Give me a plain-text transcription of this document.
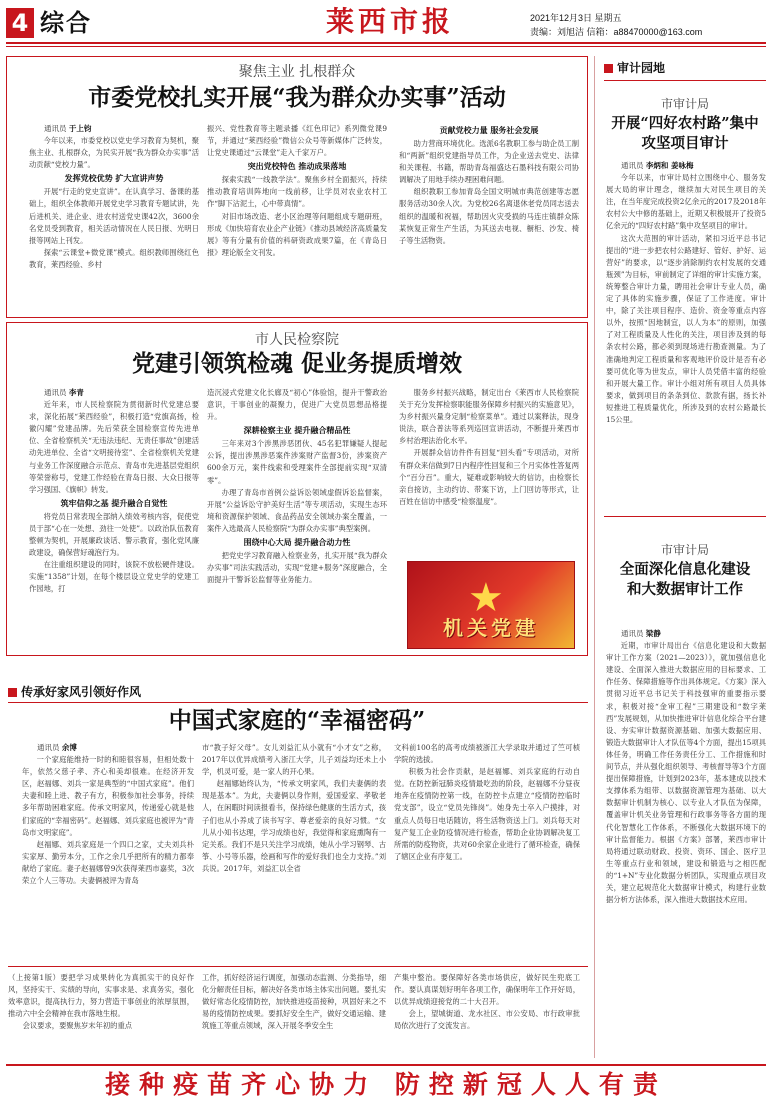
4 综合	莱西市报	2021年12月3日 星期五
责编：刘旭洁 信箱：a88470000@163.com
聚焦主业 扎根群众
市委党校扎实开展“我为群众办实事”活动
通讯员 于上钧

今年以来，市委党校以党史学习教育为契机，聚焦主业、扎根群众，为民实开展“我为群众办实事”活动贡献“党校力量”。

发挥党校优势 扩大宣讲声势

开展“行走的党史宣讲”。在认真学习、备课的基础上，组织全体教师开展党史学习教育专题试讲，先后进机关、进企业、进农村送党史课42次，3600余名党员受到教育，相关活动情况在人民日报、光明日报等网站上刊发。

探索“云课堂+微党课”模式。组织教师围绕红色教育，莱西经验、乡村

振兴、党性教育等主题录播《红色印记》系列微党课9节，并通过“莱西经验”微信公众号等新媒体广泛转发，让党史课通过“云课堂”走入千家万户。

突出党校特色 推动成果落地

探索实践“一线教学法”。聚焦乡村全面振兴，持续推动教育培训阵地向一线前移，让学员对农业农村工作“脚下沾泥土，心中带真情”。

对旧市场改造、老小区治理等问题组成专题研班，形成《加快培育农业企产业链》《推动县域经济高质量发展》等有分量有价值的科研资政成果7篇，在《青岛日报》理论版全文刊发。

贡献党校力量 服务社会发展

助力营商环境优化。选派6名教职工参与助企员工制和“两新”组织党建指导员工作，为企业送去党史、法律和关课程、书籍，帮助青岛福盛达石墨科技有限公司协调解决了用地手续办理困难问题。

组织教职工参加青岛全国文明城市典范创建等志愿服务活动30余人次。为党校26名离退休老党员同志送去组织的温暖和祝福，帮助因火灾受损的马连庄镇群众陈某恢复正常生产生活，为其送去电视、橱柜、沙发、椅子等生活物资。

市人民检察院
党建引领筑检魂 促业务提质增效
通讯员 李青

近年来，市人民检察院为贯彻新时代党建总要求，深化拓展“莱西经验”，积极打造“党旗高扬，检徽闪耀”党建品牌。先后荣获全国检察宣传先进单位、全省检察机关“无违法违纪、无责任事故”创建活动先进单位、全省“文明接待室”、全省检察机关党建与业务工作深度融合示范点、青岛市先进基层党组织等荣誉称号，党建工作经验在青岛日报、大众日报等学习强国、《旗帜》转发。

筑牢信仰之基 提升融合自觉性

将党员日常表现全部纳入绩效考核内容，促使党员于部“心在一处想、劲往一处使”。以政治队伍教育整顿为契机，开展廉政谈话、警示教育，强化党风廉政建设，确保营好魂泡行为。

在注重组织建设的同时，该院不放松硬件建设。实施“1358”计划，在每个楼层设立党史学的党建工作园地，打

造沉浸式党建文化长廊及“初心”体验馆，提升干警政治意识，干事创业的凝聚力，促进广大党员思想品格提升。

深耕检察主业 提升融合精品性

三年来对3个涉黑涉恶团伙、45名犯罪嫌疑人提起公诉，提出涉黑涉恶案件涉案财产监督3份，涉案资产600余万元，案件线索和受理案件全部提前实现“双清零”。

办理了青岛市首例公益诉讼领域虚假诉讼监督案，开展“公益诉讼守护美好生活”等专项活动，实现生态环境和资源保护领域、食品药品安全领域办案全覆盖，一案件入选最高人民检察院“为群众办实事”典型案例。

围绕中心大局 提升融合动力性

把党史学习教育融入检察业务，扎实开展“我为群众办实事”司法实践活动，实现“党建+服务”深度融合，全面提升干警诉讼监督等业务能力。

服务乡村振兴战略，制定出台《莱西市人民检察院关于充分发挥检察职能服务保障乡村振兴的实施意见》，为乡村振兴量身定制“检察菜单”。通过以案释法，现身说法，联合普法等系列巡回宣讲活动，不断提升莱西市乡村治理法治化水平。

开展群众信访件件有回复“回头看”专项活动，对所有群众来信做到7日内程序性回复和三个月实体性答复两个“百分百”。重大，疑难或影响较大的信访，由检察长亲自接访，主动约访、带案下访，上门回访等形式，让百姓在信访中感受“检察温度”。

★
机关党建
传承好家风引领好作风
中国式家庭的“幸福密码”
通讯员 余博

一个家庭能维持一时的和睦很容易，但相处数十年，依然父慈子孝、齐心和美却很难。在经济开发区，赵福娜、刘兵一家是典型的“中国式家庭”。他们夫妻和睦上进、教子有方，积极参加社会事务，持续多年帮助困难家庭。传承文明家风，传递爱心就是他们家庭的“幸福密码”。赵福娜、刘兵家庭也被评为“青岛市文明家庭”。

赵福娜、刘兵家庭是一个四口之家，丈夫刘兵朴实家厚、勤劳本分，工作之余几乎把所有的精力都奉献给了家庭。妻子赵福娜曾9次获得莱西市嘉奖，3次荣立个人三等功。夫妻俩被评为青岛

市“教子好父母”。女儿刘益汇从小就有“小才女”之称，2017年以优异成绩考入浙江大学，儿子刘益均还未上小学，机灵可爱，是一家人的开心果。

赵福娜始终认为，“传承文明家风，我们夫妻俩的表现是基本”。为此，夫妻俩以身作则，爱国爱家、孝敬老人，在闲暇时间读报看书，保持绿色健康的生活方式，孩子们也从小养成了读书写字、尊老爱亲的良好习惯。“女儿从小知书达理，学习成绩也好，我觉得和家庭熏陶有一定关系。我们不是只关注学习成绩，她从小学习钢琴、古筝、小号等乐器，绘画和写作的爱好我们也全力支持。”刘兵说。2017年，刘益汇以全省

文科前100名的高考成绩被浙江大学录取并通过了竺可桢学院的选拔。

积极为社会作贡献，是赵福娜、刘兵家庭的行动自觉。在防控新冠肺炎疫情最吃劲的阶段，赵福娜不分昼夜地奔在疫情防控第一线，在防控卡点建立“疫情防控临时党支部”，设立“党员先锋岗”。她身先士卒入户摸排，对重点人员每日电话随访，将生活物资送上门。刘兵每天对复产复工企业防疫情况进行检查，帮助企业协调解决复工所需的防疫物资，共对60余家企业进行了循环检查，确保了辖区企业有序复工。

（上接第1版）要把学习成果转化为真抓实干的良好作风，坚持实干、实绩的导向，实事求是、求真务实，强化效率意识，提高执行力，努力营造干事创业的浓厚氛围，推动六中全会精神在我市落地生根。

会议要求，要聚焦岁末年初的重点

工作，抓好经济运行调度，加强动态监测、分类指导，细化分解责任目标，解决好各类市场主体实出问题。要扎实做好常态化疫情防控，加快推进疫苗接种，巩固好来之不易的疫情防控成果。要抓好安全生产，做好交通运输、建筑施工等重点领域，深入开展冬季安全生

产集中整治。要保障好各类市场供应，做好民生兜底工作。要认真谋划好明年各项工作，确保明年工作开好局，以优异成绩迎接党的二十大召开。

会上，望城街道、龙水社区、市公安局、市行政审批局依次进行了交流发言。

审计园地
市审计局
开展“四好农村路”集中攻坚项目审计
通讯员 李炳和 姜咏梅

今年以来，市审计局村立围绕中心、服务发展大局的审计理念，继续加大对民生项目的关注，在当年度完成投资2亿余元的2017及2018年农村公大中修的基础上，近期又积极展开了投资5亿余元的“四好农村路”集中攻坚项目的审计。

这次大范围的审计活动，紧扣习近平总书记提出的“进一步把农村公路建好、管好、护好、运营好”的要求，以“逐步消除制约农村发展的交通瓶颈”为目标，审前制定了详细的审计实施方案，统筹整合审计力量，聘用社会审计专业人员，确定了具体的实施步骤，保证了工作进度。审计中，除了关注项目程序、造价、资金等重点内容以外，按照“因地制宜，以人为本”的原则，加强了对工程质量及人性化的关注，项目涉及到的每条农村公路，都必须到现场进行勘查测量。为了准确地判定工程质量和客观地评价设计是否有必要可优化等为世发点，审计人员凭借丰富的经验和开展大量工作。审计小组对所有项目人员具体要求，做到项目的条条到位、款款有据，扬长补短推进工程质量优化，所涉及到的农村公路最长15公里。

市审计局
全面深化信息化建设和大数据审计工作
通讯员 梁静

近期，市审计局出台《信息化建设和大数据审计工作方案（2021—2023）》，就加强信息化建设、全面深入推进大数据应用的目标要求、工作任务、保障措施等作出具体规定。《方案》深入贯彻习近平总书记关于科技强审的重要指示要求，积极对接“金审工程”三期建设和“数字莱西”发展规划，从加快推进审计信息化综合平台建设、夯实审计数据资源基础、加强大数据应用、锻造大数据审计人才队伍等4个方面，提出15项具体任务，明确工作任务责任分工、工作措施和时间节点，并从强化组织领导、考核督导等3个方面提出保障措施，计划到2023年，基本建成以技术支撑体系为组带、以数据资源管理为基础、以大数据审计机制为核心、以专业人才队伍为保障，覆盖审计机关业务管理和行政事务等各方面的现代化智慧化工作体系，不断强化大数据环境下的审计监督能力。根据《方案》部署，莱西市审计局将通过联动财政、投资、资环、国企、医疗卫生等重点行业和领域，建设和锻造与之相匹配的“1+N”专业化数据分析团队，实现重点项目攻关，建立起规范化大数据审计模式，构建行业数据分析方法体系，深入推进大数据技术应用。

接种疫苗齐心协力 防控新冠人人有责
